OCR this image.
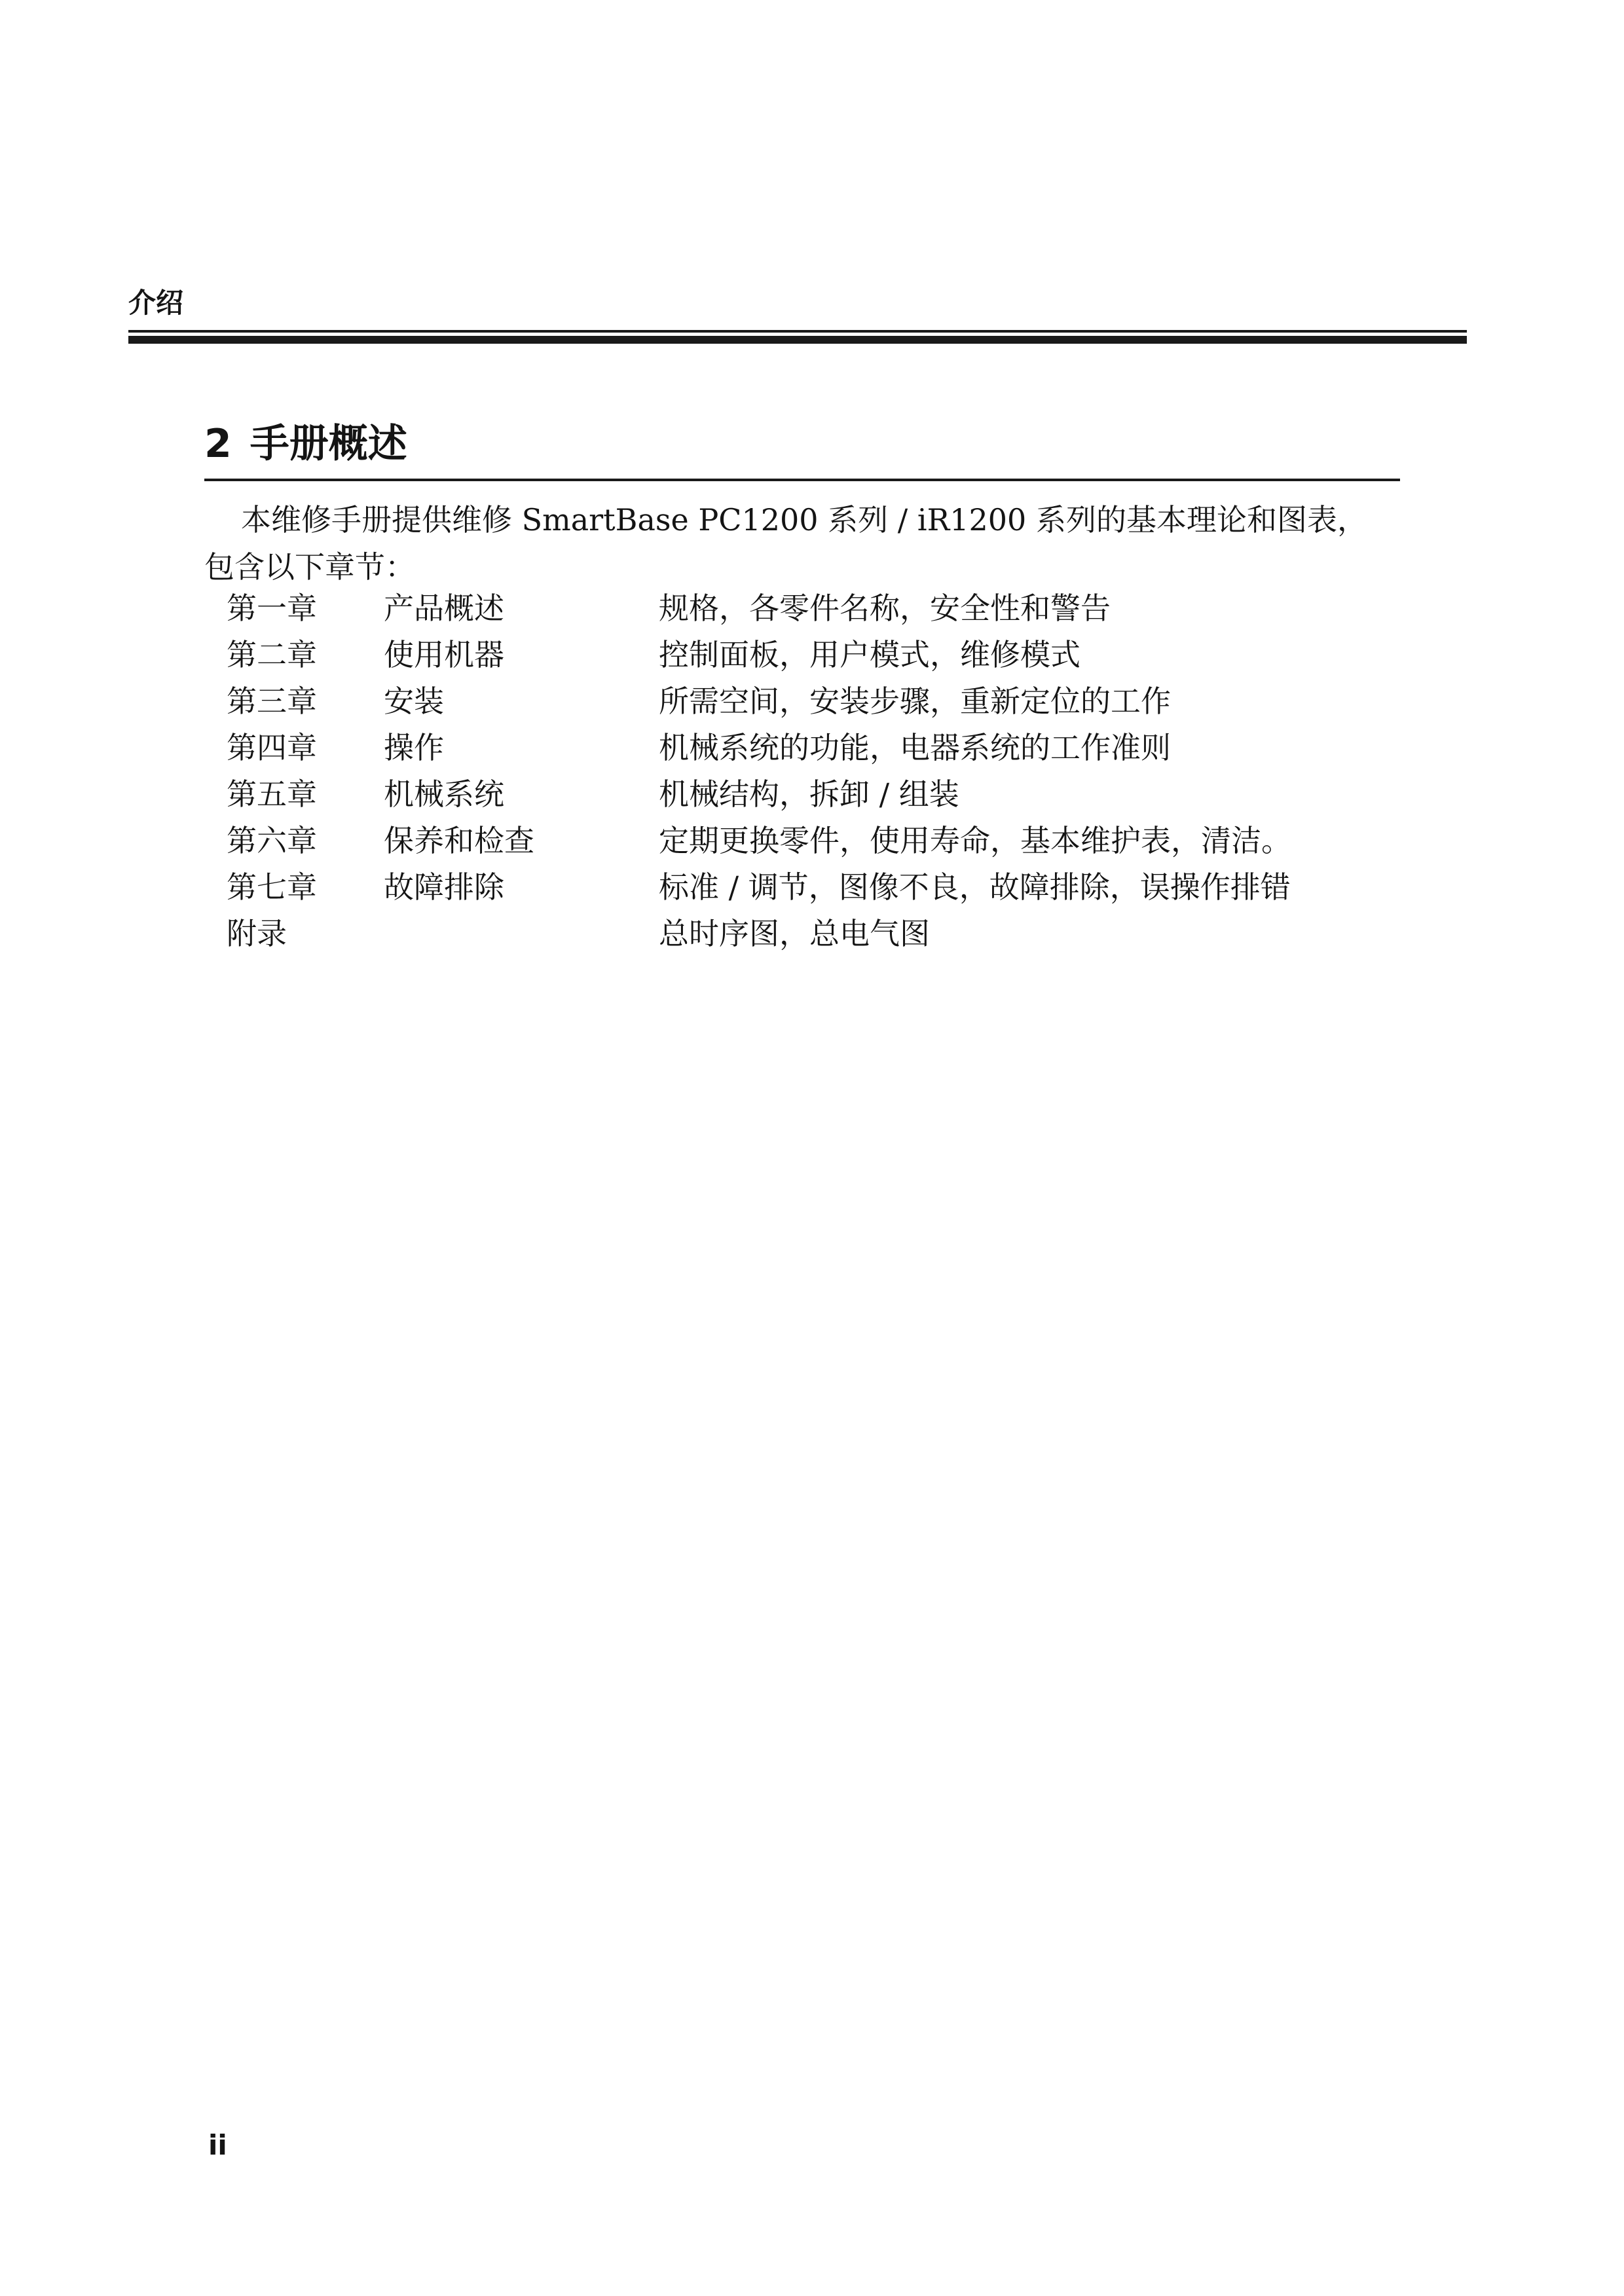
介绍
2 手册概述

本维修手册提供维修 SmartBase PC1200 系列 / iR1200 系列的基本理论和图表，包含以下章节：

第一章 产品概述	规格，各零件名称，安全性和警告
第二章 使用机器	控制面板，用户模式，维修模式
第三章 安装	所需空间，安装步骤，重新定位的工作
第四章 操作	机械系统的功能，电器系统的工作准则
第五章 机械系统	机械结构，拆卸 / 组装
第六章 保养和检查	定期更换零件，使用寿命，基本维护表，清洁。
第七章 故障排除	标准 / 调节，图像不良，故障排除，误操作排错
附录	总时序图，总电气图
ii
